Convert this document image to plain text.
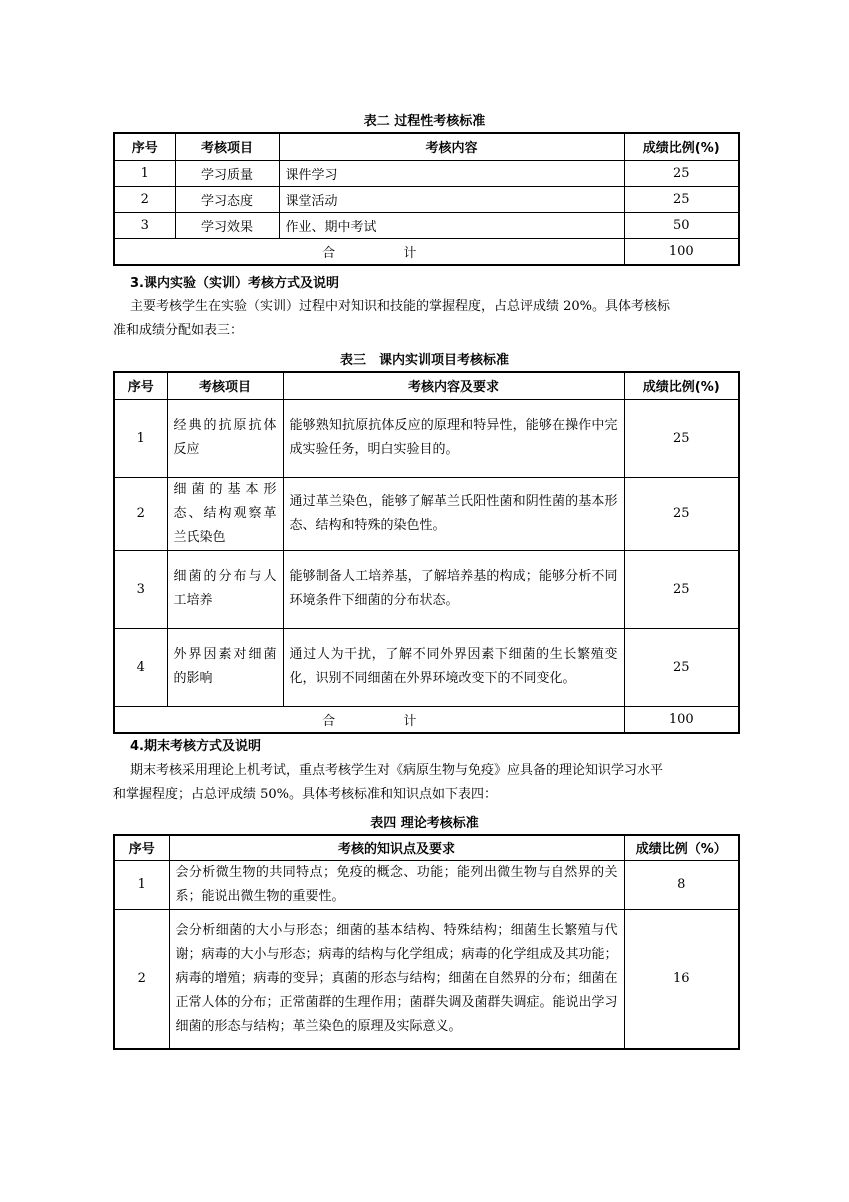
表二 过程性考核标准
序号	考核项目	考核内容	成绩比例(%)
1	学习质量	课件学习	25
2	学习态度	课堂活动	25
3	学习效果	作业、期中考试	50
合 计			100
3.课内实验（实训）考核方式及说明
主要考核学生在实验（实训）过程中对知识和技能的掌握程度，占总评成绩 20%。具体考核标
准和成绩分配如表三：
表三　课内实训项目考核标准
序号	考核项目	考核内容及要求	成绩比例(%)
1	经典的抗原抗体反应	能够熟知抗原抗体反应的原理和特异性，能够在操作中完成实验任务，明白实验目的。	25
2	细菌的基本形态、结构观察革兰氏染色	通过革兰染色，能够了解革兰氏阳性菌和阴性菌的基本形态、结构和特殊的染色性。	25
3	细菌的分布与人工培养	能够制备人工培养基，了解培养基的构成；能够分析不同环境条件下细菌的分布状态。	25
4	外界因素对细菌的影响	通过人为干扰，了解不同外界因素下细菌的生长繁殖变化，识别不同细菌在外界环境改变下的不同变化。	25
合 计			100
4.期末考核方式及说明
期末考核采用理论上机考试，重点考核学生对《病原生物与免疫》应具备的理论知识学习水平
和掌握程度；占总评成绩 50%。具体考核标准和知识点如下表四：
表四 理论考核标准
序号	考核的知识点及要求	成绩比例（%）
1	会分析微生物的共同特点；免疫的概念、功能；能列出微生物与自然界的关系；能说出微生物的重要性。	8
2	会分析细菌的大小与形态；细菌的基本结构、特殊结构；细菌生长繁殖与代谢；病毒的大小与形态；病毒的结构与化学组成；病毒的化学组成及其功能；病毒的增殖；病毒的变异；真菌的形态与结构；细菌在自然界的分布；细菌在正常人体的分布；正常菌群的生理作用；菌群失调及菌群失调症。能说出学习细菌的形态与结构；革兰染色的原理及实际意义。	16
